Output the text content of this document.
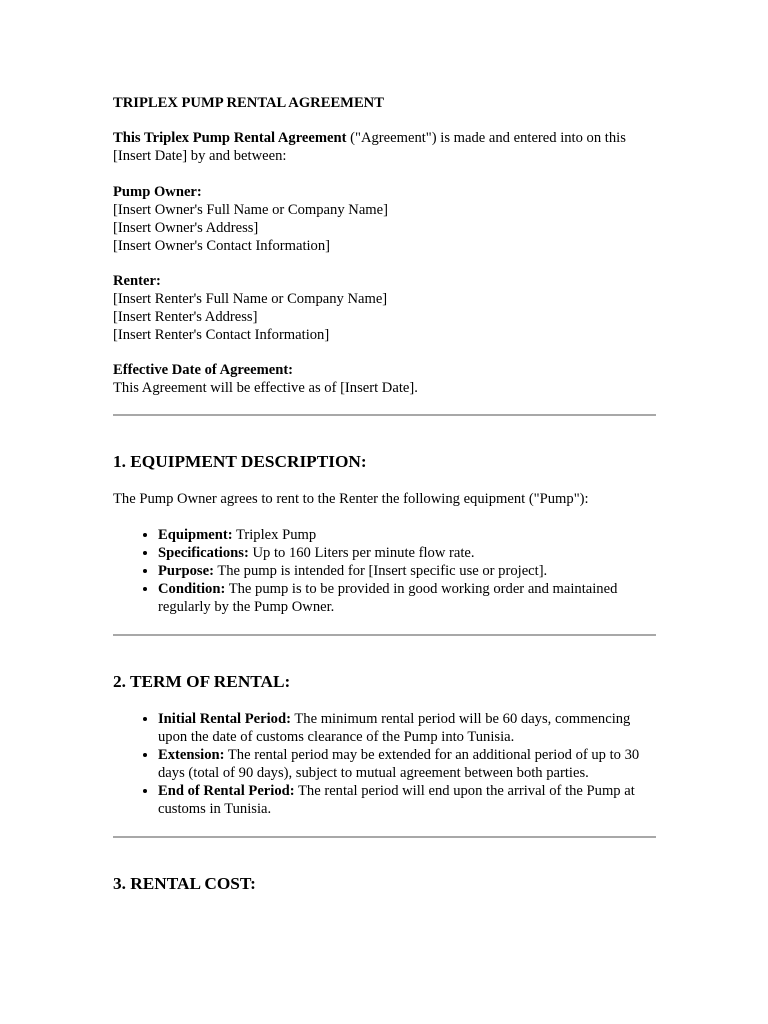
TRIPLEX PUMP RENTAL AGREEMENT

This Triplex Pump Rental Agreement ("Agreement") is made and entered into on this [Insert Date] by and between:

Pump Owner:
[Insert Owner's Full Name or Company Name]
[Insert Owner's Address]
[Insert Owner's Contact Information]
Renter:
[Insert Renter's Full Name or Company Name]
[Insert Renter's Address]
[Insert Renter's Contact Information]
Effective Date of Agreement:
This Agreement will be effective as of [Insert Date].
1. EQUIPMENT DESCRIPTION:

The Pump Owner agrees to rent to the Renter the following equipment ("Pump"):

• Equipment: Triplex Pump
• Specifications: Up to 160 Liters per minute flow rate.
• Purpose: The pump is intended for [Insert specific use or project].
• Condition: The pump is to be provided in good working order and maintained regularly by the Pump Owner.
2. TERM OF RENTAL:
• Initial Rental Period: The minimum rental period will be 60 days, commencing upon the date of customs clearance of the Pump into Tunisia.
• Extension: The rental period may be extended for an additional period of up to 30 days (total of 90 days), subject to mutual agreement between both parties.
• End of Rental Period: The rental period will end upon the arrival of the Pump at customs in Tunisia.
3. RENTAL COST:
